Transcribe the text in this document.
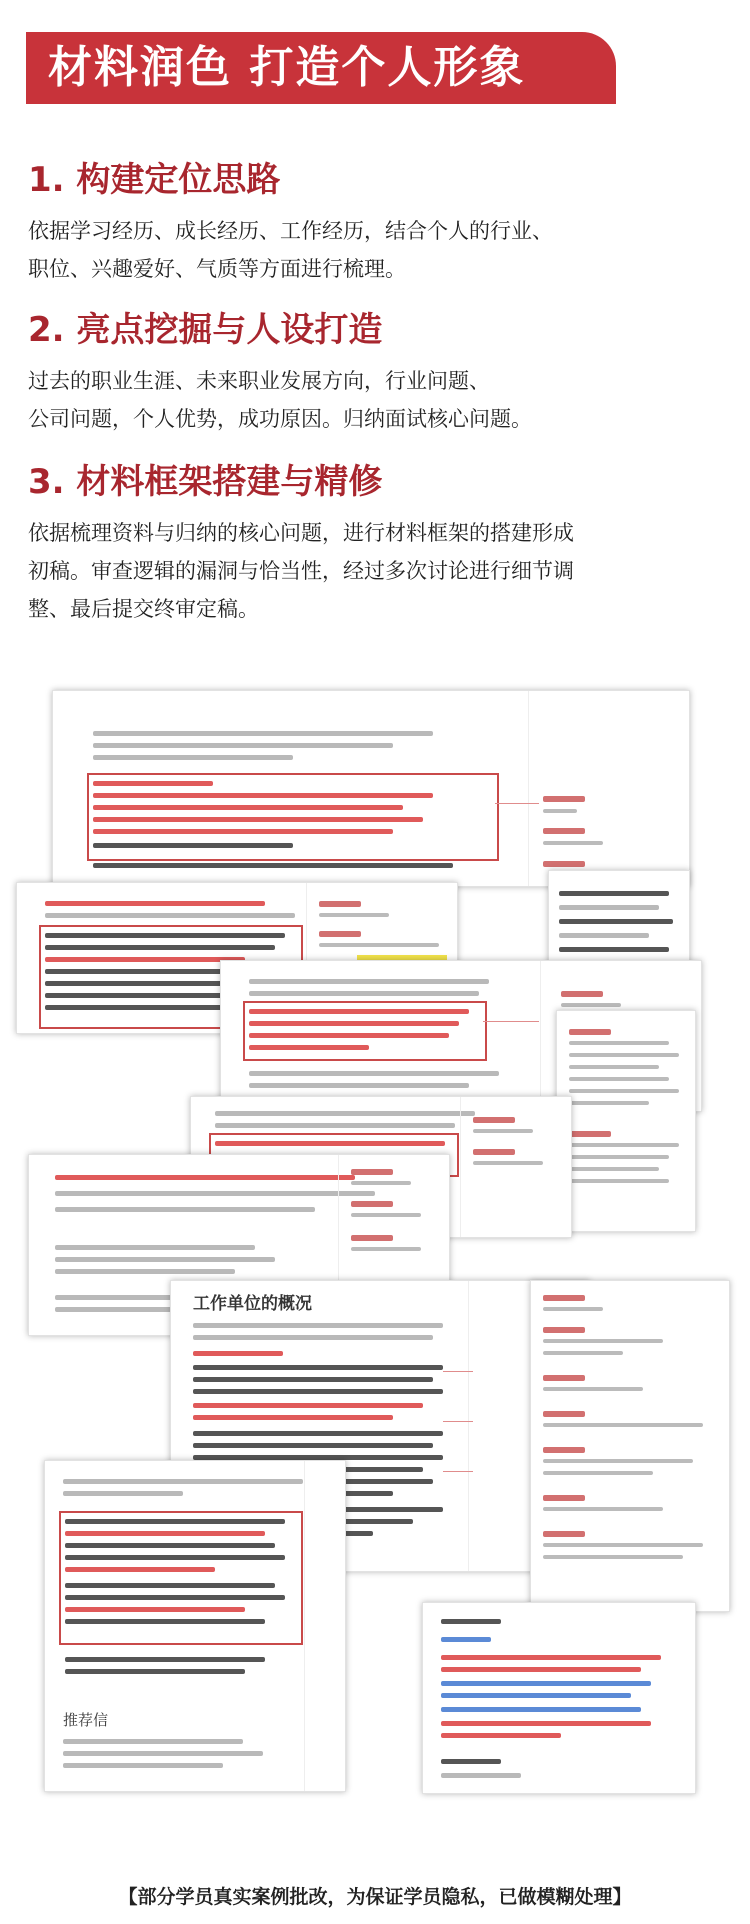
材料润色 打造个人形象
1. 构建定位思路

依据学习经历、成长经历、工作经历，结合个人的行业、
职位、兴趣爱好、气质等方面进行梳理。

2. 亮点挖掘与人设打造

过去的职业生涯、未来职业发展方向，行业问题、
公司问题，个人优势，成功原因。归纳面试核心问题。

3. 材料框架搭建与精修

依据梳理资料与归纳的核心问题，进行材料框架的搭建形成
初稿。审查逻辑的漏洞与恰当性，经过多次讨论进行细节调
整、最后提交终审定稿。

工作单位的概况
推荐信
【部分学员真实案例批改，为保证学员隐私，已做模糊处理】
